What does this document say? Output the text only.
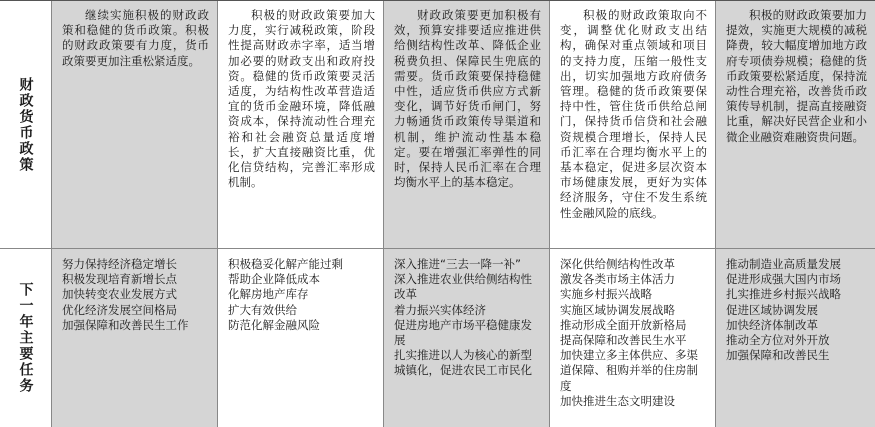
财政货币政策

继续实施积极的财政政策和稳健的货币政策。积极的财政政策要有力度，货币政策要更加注重松紧适度。

积极的财政政策要加大力度，实行减税政策，阶段性提高财政赤字率，适当增加必要的财政支出和政府投资。稳健的货币政策要灵活适度，为结构性改革营造适宜的货币金融环境，降低融资成本，保持流动性合理充裕和社会融资总量适度增长，扩大直接融资比重，优化信贷结构，完善汇率形成机制。

财政政策要更加积极有效，预算安排要适应推进供给侧结构性改革、降低企业税费负担、保障民生兜底的需要。货币政策要保持稳健中性，适应货币供应方式新变化，调节好货币闸门，努力畅通货币政策传导渠道和机制，维护流动性基本稳定。要在增强汇率弹性的同时，保持人民币汇率在合理均衡水平上的基本稳定。

积极的财政政策取向不变，调整优化财政支出结构，确保对重点领域和项目的支持力度，压缩一般性支出，切实加强地方政府债务管理。稳健的货币政策要保持中性，管住货币供给总闸门，保持货币信贷和社会融资规模合理增长，保持人民币汇率在合理均衡水平上的基本稳定，促进多层次资本市场健康发展，更好为实体经济服务，守住不发生系统性金融风险的底线。

积极的财政政策要加力提效，实施更大规模的减税降费，较大幅度增加地方政府专项债券规模；稳健的货币政策要松紧适度，保持流动性合理充裕，改善货币政策传导机制，提高直接融资比重，解决好民营企业和小微企业融资难融资贵问题。

下一年主要任务
努力保持经济稳定增长
积极发现培育新增长点
加快转变农业发展方式
优化经济发展空间格局
加强保障和改善民生工作
积极稳妥化解产能过剩
帮助企业降低成本
化解房地产库存
扩大有效供给
防范化解金融风险
深入推进“三去一降一补”
深入推进农业供给侧结构性改革
着力振兴实体经济
促进房地产市场平稳健康发展
扎实推进以人为核心的新型城镇化，促进农民工市民化
深化供给侧结构性改革
激发各类市场主体活力
实施乡村振兴战略
实施区域协调发展战略
推动形成全面开放新格局
提高保障和改善民生水平
加快建立多主体供应、多渠道保障、租购并举的住房制度
加快推进生态文明建设
推动制造业高质量发展
促进形成强大国内市场
扎实推进乡村振兴战略
促进区域协调发展
加快经济体制改革
推动全方位对外开放
加强保障和改善民生
